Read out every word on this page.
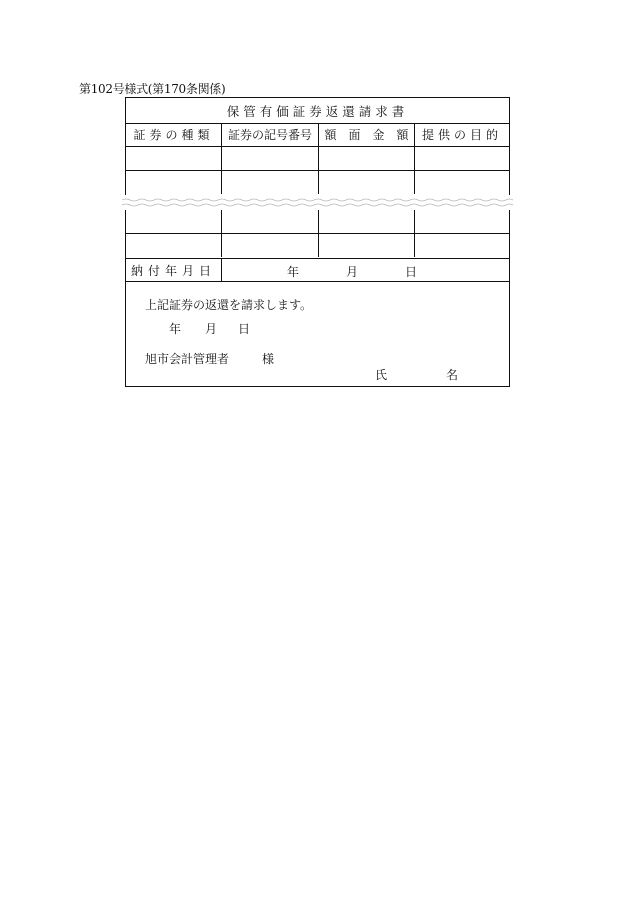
第102号様式(第170条関係)
保管有価証券返還請求書
証券の種類	証券の記号番号	額　面　金　額	提供の目的
納付年月日	年	月	日
上記証券の返還を請求します。
年 月 日
旭市会計管理者	様
氏	名
